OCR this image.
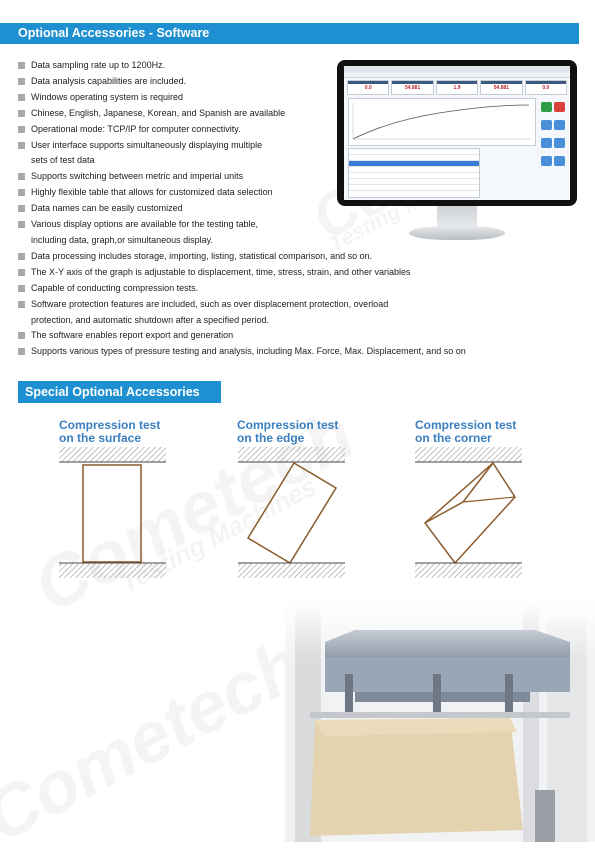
Optional Accessories - Software
Data sampling rate up to 1200Hz.
Data analysis capabilities are included.
Windows operating system is required
Chinese, English, Japanese, Korean, and Spanish are available
Operational mode: TCP/IP for computer connectivity.
User interface supports simultaneously displaying multiple
sets of test data
Supports switching between metric and imperial units
Highly flexible table that allows for customized data selection
Data names can be easily customized
Various display options are available for the testing table,
including data, graph,or simultaneous display.
Data processing includes storage, importing, listing, statistical comparison, and so on.
The X-Y axis of the graph is adjustable to displacement, time, stress, strain, and other variables
Capable of conducting compression tests.
Software protection features are included, such as over displacement protection, overload
protection, and automatic shutdown after a specified period.
The software enables report export and generation
Supports various types of pressure testing and analysis, including Max. Force, Max. Displacement, and so on
0.0	54.881	1.9	54.881	0.0

Special Optional Accessories
Compression test
on the surface
Compression test
on the edge
Compression test
on the corner
